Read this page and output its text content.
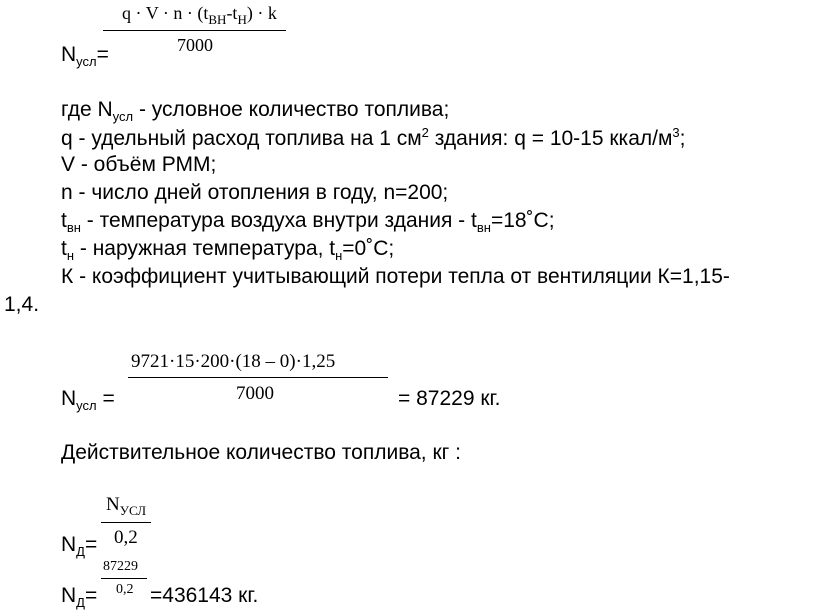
$q \cdot V \cdot n \cdot (t_{ВН}-t_Н) \cdot k$
7000
$N_{усл}=$
где $N_{усл}$ - условное количество топлива;
q - удельный расход топлива на 1 $см^2$ здания: q = 10-15 ккал/$м^3$;
V - объём РММ;
n - число дней отопления в году, n=200;
$t_{вн}$ - температура воздуха внутри здания - $t_{вн}=18˚С$;
$t_н$ - наружная температура, $t_н=0˚С$;
К - коэффициент учитывающий потери тепла от вентиляции К=1,15-
1,4.
9721·15·200·(18 – 0)·1,25
7000
$N_{усл}$ =	= 87229 кг.
Действительное количество топлива, кг :
$N_{УСЛ}$
0,2
$N_Д=$
87229
0,2
$N_Д=$	=436143 кг.
